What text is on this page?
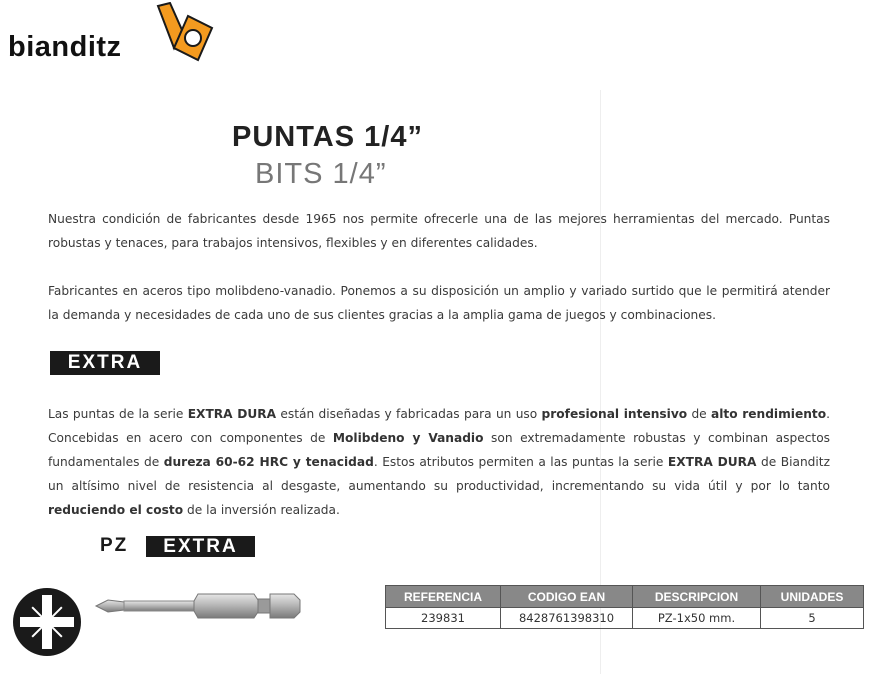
bianditz
PUNTAS 1/4”
BITS 1/4”
Nuestra condición de fabricantes desde 1965 nos permite ofrecerle una de las mejores herramientas del mercado. Puntas robustas y tenaces, para trabajos intensivos, flexibles y en diferentes calidades.
Fabricantes en aceros tipo molibdeno-vanadio. Ponemos a su disposición un amplio y variado surtido que le permitirá atender la demanda y necesidades de cada uno de sus clientes gracias a la amplia gama de juegos y combinaciones.
EXTRA
Las puntas de la serie EXTRA DURA están diseñadas y fabricadas para un uso profesional intensivo de alto rendimiento. Concebidas en acero con componentes de Molibdeno y Vanadio son extremadamente robustas y combinan aspectos fundamentales de dureza 60-62 HRC y tenacidad. Estos atributos permiten a las puntas la serie EXTRA DURA de Bianditz un altísimo nivel de resistencia al desgaste, aumentando su productividad, incrementando su vida útil y por lo tanto reduciendo el costo de la inversión realizada.
PZ	EXTRA
REFERENCIA	CODIGO EAN	DESCRIPCION	UNIDADES
239831	8428761398310	PZ-1x50 mm.	5
